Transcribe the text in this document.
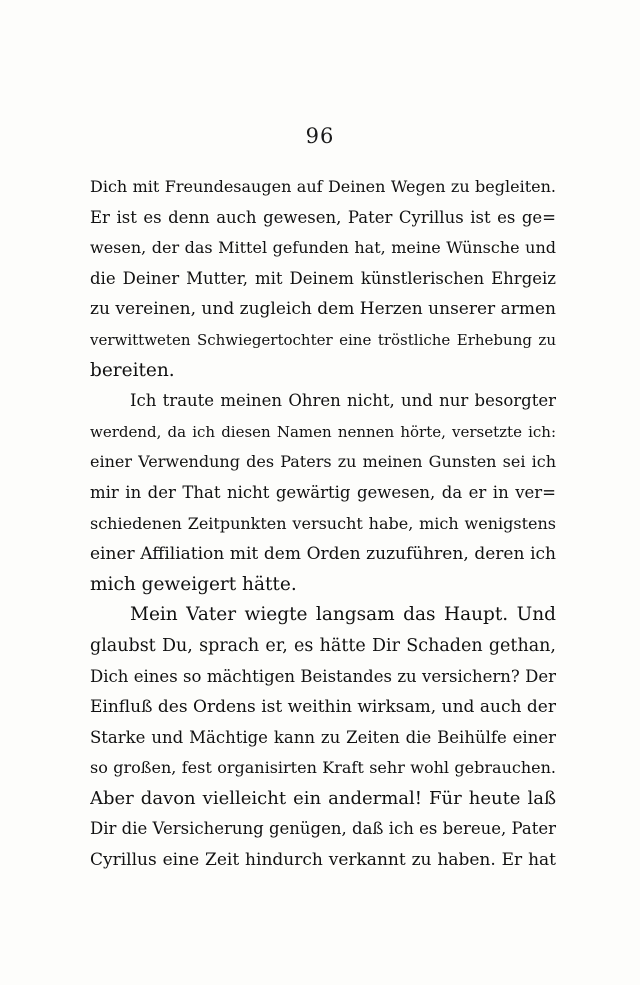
96
Dich mit Freundesaugen auf Deinen Wegen zu begleiten.
Er ist es denn auch gewesen, Pater Cyrillus ist es ge=
wesen, der das Mittel gefunden hat, meine Wünsche und
die Deiner Mutter, mit Deinem künstlerischen Ehrgeiz
zu vereinen, und zugleich dem Herzen unserer armen
verwittweten Schwiegertochter eine tröstliche Erhebung zu
bereiten.
Ich traute meinen Ohren nicht, und nur besorgter
werdend, da ich diesen Namen nennen hörte, versetzte ich:
einer Verwendung des Paters zu meinen Gunsten sei ich
mir in der That nicht gewärtig gewesen, da er in ver=
schiedenen Zeitpunkten versucht habe, mich wenigstens
einer Affiliation mit dem Orden zuzuführen, deren ich
mich geweigert hätte.
Mein Vater wiegte langsam das Haupt. Und
glaubst Du, sprach er, es hätte Dir Schaden gethan,
Dich eines so mächtigen Beistandes zu versichern? Der
Einfluß des Ordens ist weithin wirksam, und auch der
Starke und Mächtige kann zu Zeiten die Beihülfe einer
so großen, fest organisirten Kraft sehr wohl gebrauchen.
Aber davon vielleicht ein andermal! Für heute laß
Dir die Versicherung genügen, daß ich es bereue, Pater
Cyrillus eine Zeit hindurch verkannt zu haben. Er hat
